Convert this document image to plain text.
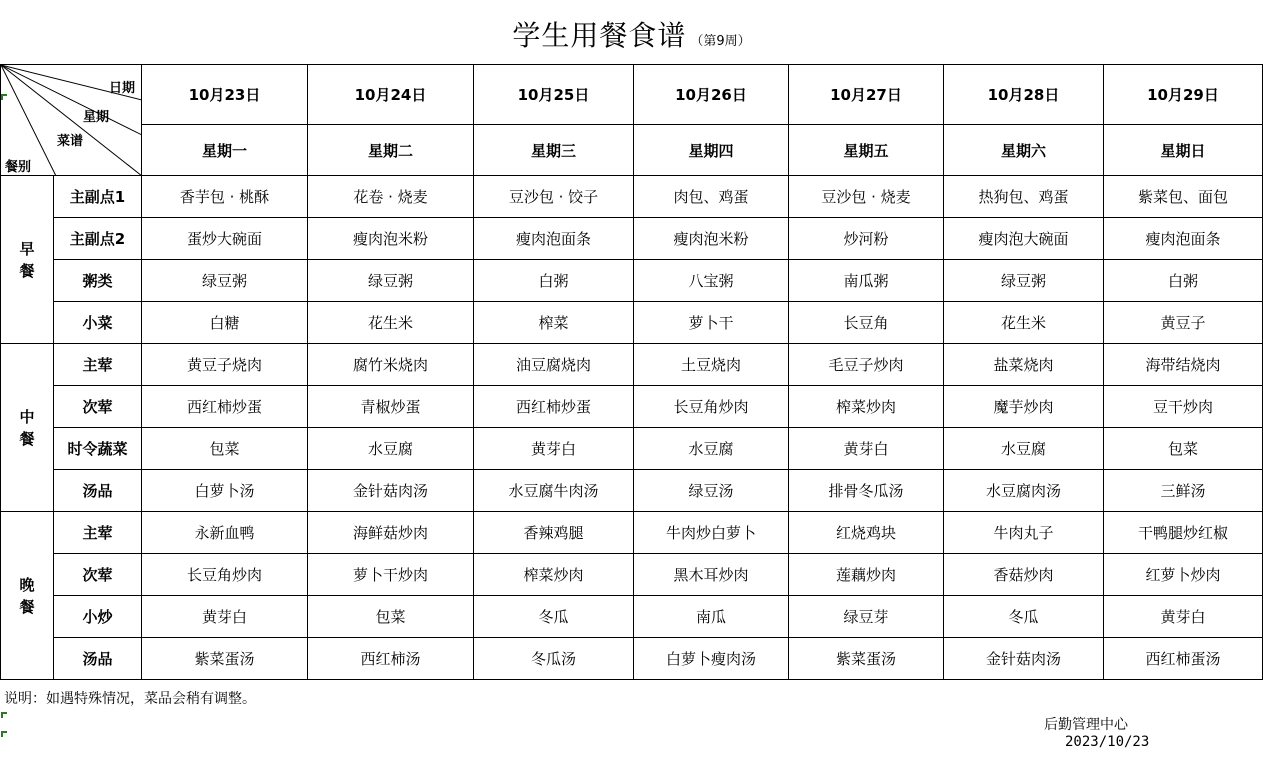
学生用餐食谱 （第9周）
日期
星期
菜谱
餐别		10月23日	10月24日	10月25日	10月26日	10月27日	10月28日	10月29日
		星期一	星期二	星期三	星期四	星期五	星期六	星期日
早
餐	主副点1	香芋包 · 桃酥	花卷 · 烧麦	豆沙包 · 饺子	肉包、鸡蛋	豆沙包 · 烧麦	热狗包、鸡蛋	紫菜包、面包
	主副点2	蛋炒大碗面	瘦肉泡米粉	瘦肉泡面条	瘦肉泡米粉	炒河粉	瘦肉泡大碗面	瘦肉泡面条
	粥类	绿豆粥	绿豆粥	白粥	八宝粥	南瓜粥	绿豆粥	白粥
	小菜	白糖	花生米	榨菜	萝卜干	长豆角	花生米	黄豆子
中
餐	主荤	黄豆子烧肉	腐竹米烧肉	油豆腐烧肉	土豆烧肉	毛豆子炒肉	盐菜烧肉	海带结烧肉
	次荤	西红柿炒蛋	青椒炒蛋	西红柿炒蛋	长豆角炒肉	榨菜炒肉	魔芋炒肉	豆干炒肉
	时令蔬菜	包菜	水豆腐	黄芽白	水豆腐	黄芽白	水豆腐	包菜
	汤品	白萝卜汤	金针菇肉汤	水豆腐牛肉汤	绿豆汤	排骨冬瓜汤	水豆腐肉汤	三鲜汤
晚
餐	主荤	永新血鸭	海鲜菇炒肉	香辣鸡腿	牛肉炒白萝卜	红烧鸡块	牛肉丸子	干鸭腿炒红椒
	次荤	长豆角炒肉	萝卜干炒肉	榨菜炒肉	黑木耳炒肉	莲藕炒肉	香菇炒肉	红萝卜炒肉
	小炒	黄芽白	包菜	冬瓜	南瓜	绿豆芽	冬瓜	黄芽白
	汤品	紫菜蛋汤	西红柿汤	冬瓜汤	白萝卜瘦肉汤	紫菜蛋汤	金针菇肉汤	西红柿蛋汤
说明：如遇特殊情况，菜品会稍有调整。
后勤管理中心
2023/10/23
